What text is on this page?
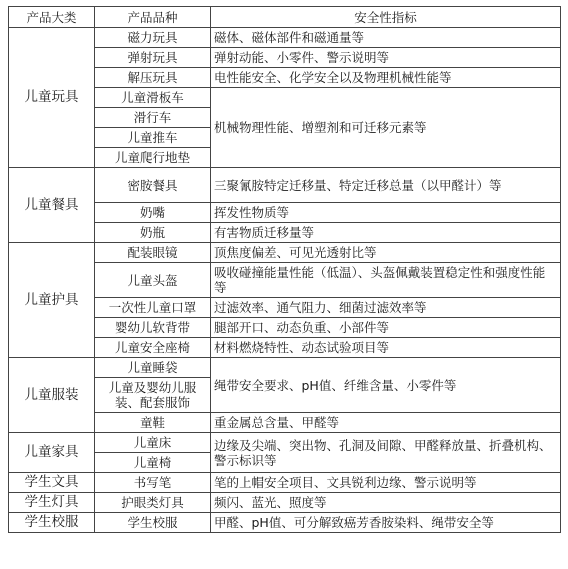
产品大类	产品品种	安全性指标
儿童玩具	磁力玩具	磁体、磁体部件和磁通量等
	弹射玩具	弹射动能、小零件、警示说明等
	解压玩具	电性能安全、化学安全以及物理机械性能等
	儿童滑板车	机械物理性能、增塑剂和可迁移元素等
	滑行车	
	儿童推车	
	儿童爬行地垫	
儿童餐具	密胺餐具	三聚氰胺特定迁移量、特定迁移总量（以甲醛计）等
	奶嘴	挥发性物质等
	奶瓶	有害物质迁移量等
儿童护具	配装眼镜	顶焦度偏差、可见光透射比等
	儿童头盔	吸收碰撞能量性能（低温）、头盔佩戴装置稳定性和强度性能等
	一次性儿童口罩	过滤效率、通气阻力、细菌过滤效率等
	婴幼儿软背带	腿部开口、动态负重、小部件等
	儿童安全座椅	材料燃烧特性、动态试验项目等
儿童服装	儿童睡袋	绳带安全要求、pH值、纤维含量、小零件等
	儿童及婴幼儿服装、配套服饰	
	童鞋	重金属总含量、甲醛等
儿童家具	儿童床	边缘及尖端、突出物、孔洞及间隙、甲醛释放量、折叠机构、警示标识等
	儿童椅	
学生文具	书写笔	笔的上帽安全项目、文具锐利边缘、警示说明等
学生灯具	护眼类灯具	频闪、蓝光、照度等
学生校服	学生校服	甲醛、pH值、可分解致癌芳香胺染料、绳带安全等
